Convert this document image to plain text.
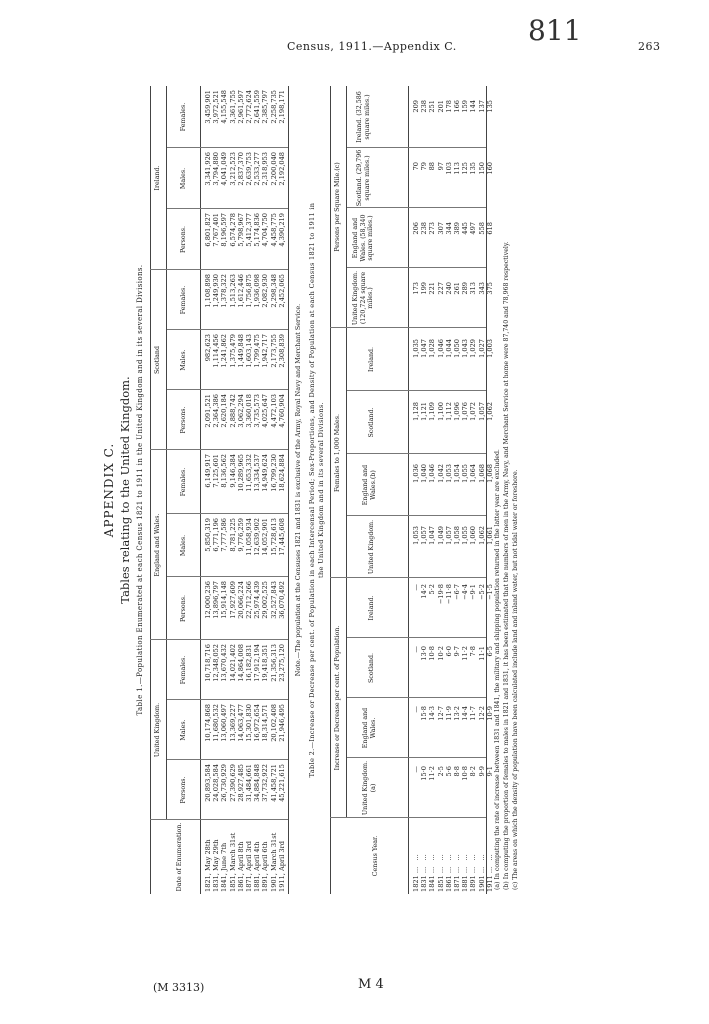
Census, 1911.—Appendix C.	263
811
(M 3313)	M 4
APPENDIX C. Tables relating to the United Kingdom. Table 1.—Population Enumerated at each Census 1821 to 1911 in the United Kingdom and in its several Divisions.
Date of Enumeration.
United Kingdom.
England and Wales.
Scotland
Ireland.
Persons.
Males.
Females.
Persons.
Males.
Females.
Persons.
Males.
Females.
Persons.
Males.
Females.
1821, May 28th 1831, May 29th 1841, June 7th 1851, March 31st 1861, April 8th 1871, April 3rd 1881, April 4th 1891, April 6th 1901, March 31st 1911, April 3rd
20,893,584 24,028,584 26,730,929 27,390,629 28,927,485 31,484,661 34,884,848 37,732,922 41,458,721 45,221,615
10,174,868 11,680,532 13,060,497 13,369,227 14,063,477 15,301,830 16,972,654 18,314,571 20,102,408 21,946,495
10,718,716 12,348,052 13,670,432 14,021,402 14,864,008 16,182,831 17,912,194 19,418,351 21,356,313 23,275,120
12,000,236 13,896,797 15,914,148 17,927,609 20,066,224 22,712,266 25,974,439 29,002,525 32,527,843 36,070,492
5,850,319 6,771,196 7,777,586 8,781,225 9,776,259 11,058,934 12,639,902 14,052,901 15,728,613 17,445,608
6,149,917 7,125,601 8,136,562 9,146,384 10,289,965 11,653,332 13,334,537 14,949,624 16,799,230 18,624,884
2,091,521 2,364,386 2,620,184 2,888,742 3,062,294 3,360,018 3,735,573 4,025,647 4,472,103 4,760,904
982,623 1,114,456 1,241,862 1,375,479 1,449,848 1,603,143 1,799,475 1,942,717 2,173,755 2,308,839
1,108,898 1,249,930 1,378,322 1,513,263 1,612,446 1,756,875 1,936,098 2,082,930 2,298,348 2,452,065
6,801,827 7,767,401 8,196,597 6,574,278 5,798,967 5,412,377 5,174,836 4,704,750 4,458,775 4,390,219
3,341,926 3,794,880 4,041,049 3,212,523 2,837,370 2,639,753 2,533,277 2,318,953 2,200,040 2,192,048
3,459,901 3,972,521 4,155,548 3,361,755 2,961,597 2,772,624 2,641,559 2,385,797 2,258,735 2,198,171
Note.—The population at the Censuses 1821 and 1831 is exclusive of the Army, Royal Navy and Merchant Service. Table 2.—Increase or Decrease per cent. of Population in each Intercensal Period; Sex-Proportions, and Density of Population at each Census 1821 to 1911 in the United Kingdom and in its several Divisions.
Census Year.
Increase or Decrease per cent. of Population.
Females to 1,000 Males.
Persons per Square Mile.(c)
United Kingdom.(a)
England and Wales.
Scotland.
Ireland.
United Kingdom.
England and Wales.(b)
Scotland.
Ireland.
United Kingdom. (120,724 square miles.)
England and Wales. (58,340 square miles.)
Scotland. (29,796 square miles.)
Ireland. (32,586 square miles.)
1821 ...   ... 1831 ...   ... 1841 ...   ... 1851 ...   ... 1861 ...   ... 1871 ...   ... 1881 ...   ... 1891 ...   ... 1901 ...   ... 1911 ...   ...
— 15·0 11·2 2·5 5·6 8·8 10·8 8·2 9·9 9·1
— 15·8 14·3 12·7 11·9 13·2 14·4 11·7 12·2 10·9
— 13·0 10·8 10·2 6·0 9·7 11·2 7·8 11·1 6·5
— 14·2 5·2 −19·8 −11·8 −6·7 −4·4 −9·1 −5·2 −1·5
1,053 1,057 1,047 1,049 1,057 1,058 1,055 1,060 1,062 1,061
1,036 1,040 1,046 1,042 1,053 1,054 1,055 1,064 1,068 1,068
1,128 1,121 1,109 1,100 1,112 1,096 1,076 1,072 1,057 1,062
1,035 1,047 1,028 1,046 1,044 1,050 1,043 1,029 1,027 1,003
173 199 221 227 240 261 289 313 343 375
206 238 273 307 344 389 445 497 558 618
70 79 88 97 103 113 125 135 150 160
209 238 251 201 178 166 159 144 137 135
(a) In computing the rate of increase between 1831 and 1841, the military and shipping population returned in the latter year are excluded. (b) In computing the proportion of females to males in 1821 and 1831, it has been estimated that the numbers of men in the Army, Navy, and Merchant Service at home were 87,740 and 78,968 respectively. (c) The areas on which the density of population have been calculated include land and inland water, but not tidal water or foreshore.
